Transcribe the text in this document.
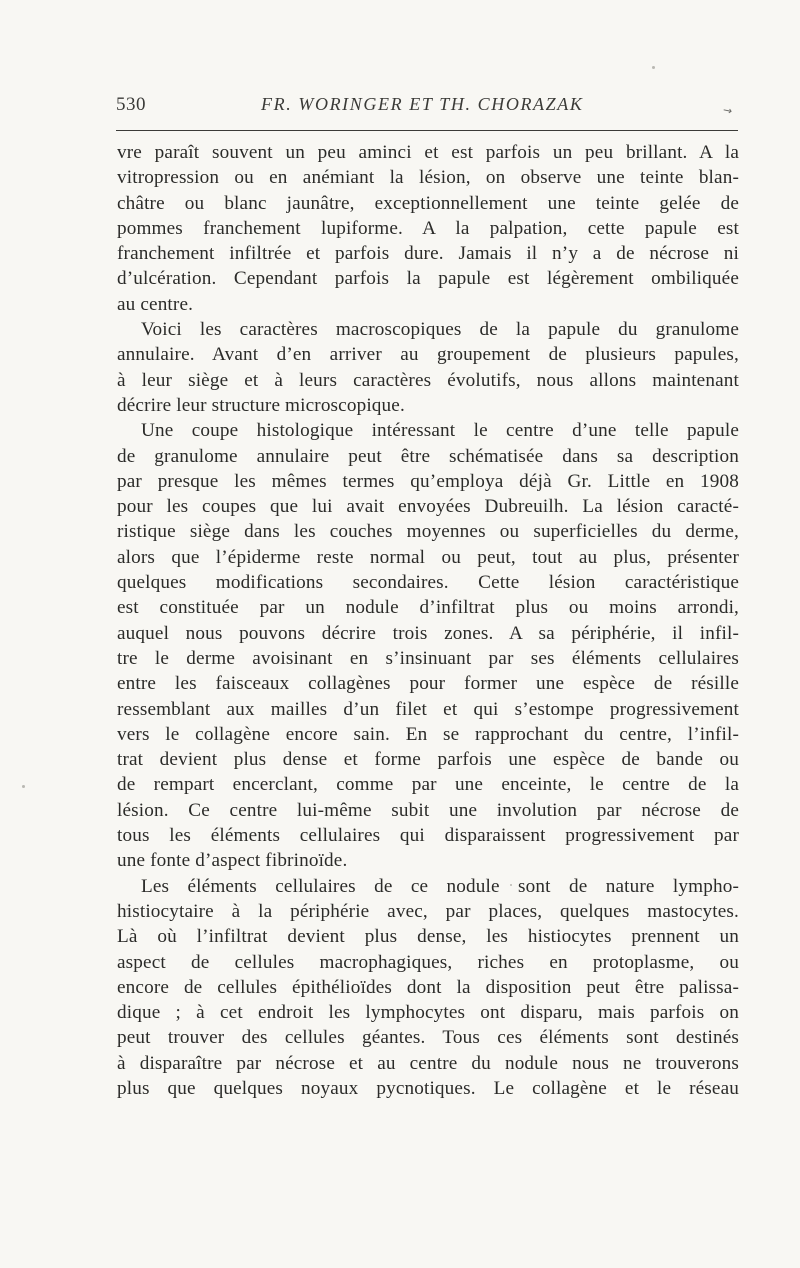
530	FR. WORINGER ET TH. CHORAZAK	→
vre paraît souvent un peu aminci et est parfois un peu brillant. A la
vitropression ou en anémiant la lésion, on observe une teinte blan-
châtre ou blanc jaunâtre, exceptionnellement une teinte gelée de
pommes franchement lupiforme. A la palpation, cette papule est
franchement infiltrée et parfois dure. Jamais il n’y a de nécrose ni
d’ulcération. Cependant parfois la papule est légèrement ombiliquée
au centre.
Voici les caractères macroscopiques de la papule du granulome
annulaire. Avant d’en arriver au groupement de plusieurs papules,
à leur siège et à leurs caractères évolutifs, nous allons maintenant
décrire leur structure microscopique.
Une coupe histologique intéressant le centre d’une telle papule
de granulome annulaire peut être schématisée dans sa description
par presque les mêmes termes qu’employa déjà Gr. Little en 1908
pour les coupes que lui avait envoyées Dubreuilh. La lésion caracté-
ristique siège dans les couches moyennes ou superficielles du derme,
alors que l’épiderme reste normal ou peut, tout au plus, présenter
quelques modifications secondaires. Cette lésion caractéristique
est constituée par un nodule d’infiltrat plus ou moins arrondi,
auquel nous pouvons décrire trois zones. A sa périphérie, il infil-
tre le derme avoisinant en s’insinuant par ses éléments cellulaires
entre les faisceaux collagènes pour former une espèce de résille
ressemblant aux mailles d’un filet et qui s’estompe progressivement
vers le collagène encore sain. En se rapprochant du centre, l’infil-
trat devient plus dense et forme parfois une espèce de bande ou
de rempart encerclant, comme par une enceinte, le centre de la
lésion. Ce centre lui-même subit une involution par nécrose de
tous les éléments cellulaires qui disparaissent progressivement par
une fonte d’aspect fibrinoïde.
Les éléments cellulaires de ce nodule sont de nature lympho-
histiocytaire à la périphérie avec, par places, quelques mastocytes.
Là où l’infiltrat devient plus dense, les histiocytes prennent un
aspect de cellules macrophagiques, riches en protoplasme, ou
encore de cellules épithélioïdes dont la disposition peut être palissa-
dique ; à cet endroit les lymphocytes ont disparu, mais parfois on
peut trouver des cellules géantes. Tous ces éléments sont destinés
à disparaître par nécrose et au centre du nodule nous ne trouverons
plus que quelques noyaux pycnotiques. Le collagène et le réseau
